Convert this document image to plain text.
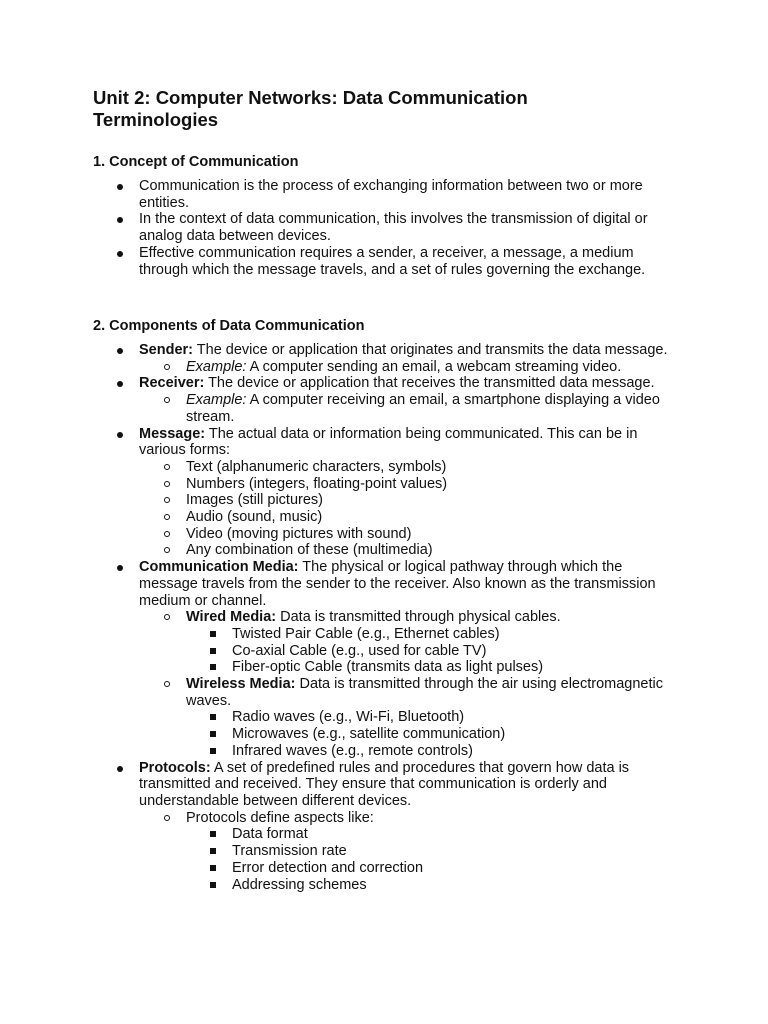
Unit 2: Computer Networks: Data Communication Terminologies
1. Concept of Communication
Communication is the process of exchanging information between two or more entities.
In the context of data communication, this involves the transmission of digital or analog data between devices.
Effective communication requires a sender, a receiver, a message, a medium through which the message travels, and a set of rules governing the exchange.
2. Components of Data Communication
Sender: The device or application that originates and transmits the data message.
Example: A computer sending an email, a webcam streaming video.
Receiver: The device or application that receives the transmitted data message.
Example: A computer receiving an email, a smartphone displaying a video stream.
Message: The actual data or information being communicated. This can be in various forms:
Text (alphanumeric characters, symbols)
Numbers (integers, floating-point values)
Images (still pictures)
Audio (sound, music)
Video (moving pictures with sound)
Any combination of these (multimedia)
Communication Media: The physical or logical pathway through which the message travels from the sender to the receiver. Also known as the transmission medium or channel.
Wired Media: Data is transmitted through physical cables.
Twisted Pair Cable (e.g., Ethernet cables)
Co-axial Cable (e.g., used for cable TV)
Fiber-optic Cable (transmits data as light pulses)
Wireless Media: Data is transmitted through the air using electromagnetic waves.
Radio waves (e.g., Wi-Fi, Bluetooth)
Microwaves (e.g., satellite communication)
Infrared waves (e.g., remote controls)
Protocols: A set of predefined rules and procedures that govern how data is transmitted and received. They ensure that communication is orderly and understandable between different devices.
Protocols define aspects like:
Data format
Transmission rate
Error detection and correction
Addressing schemes
